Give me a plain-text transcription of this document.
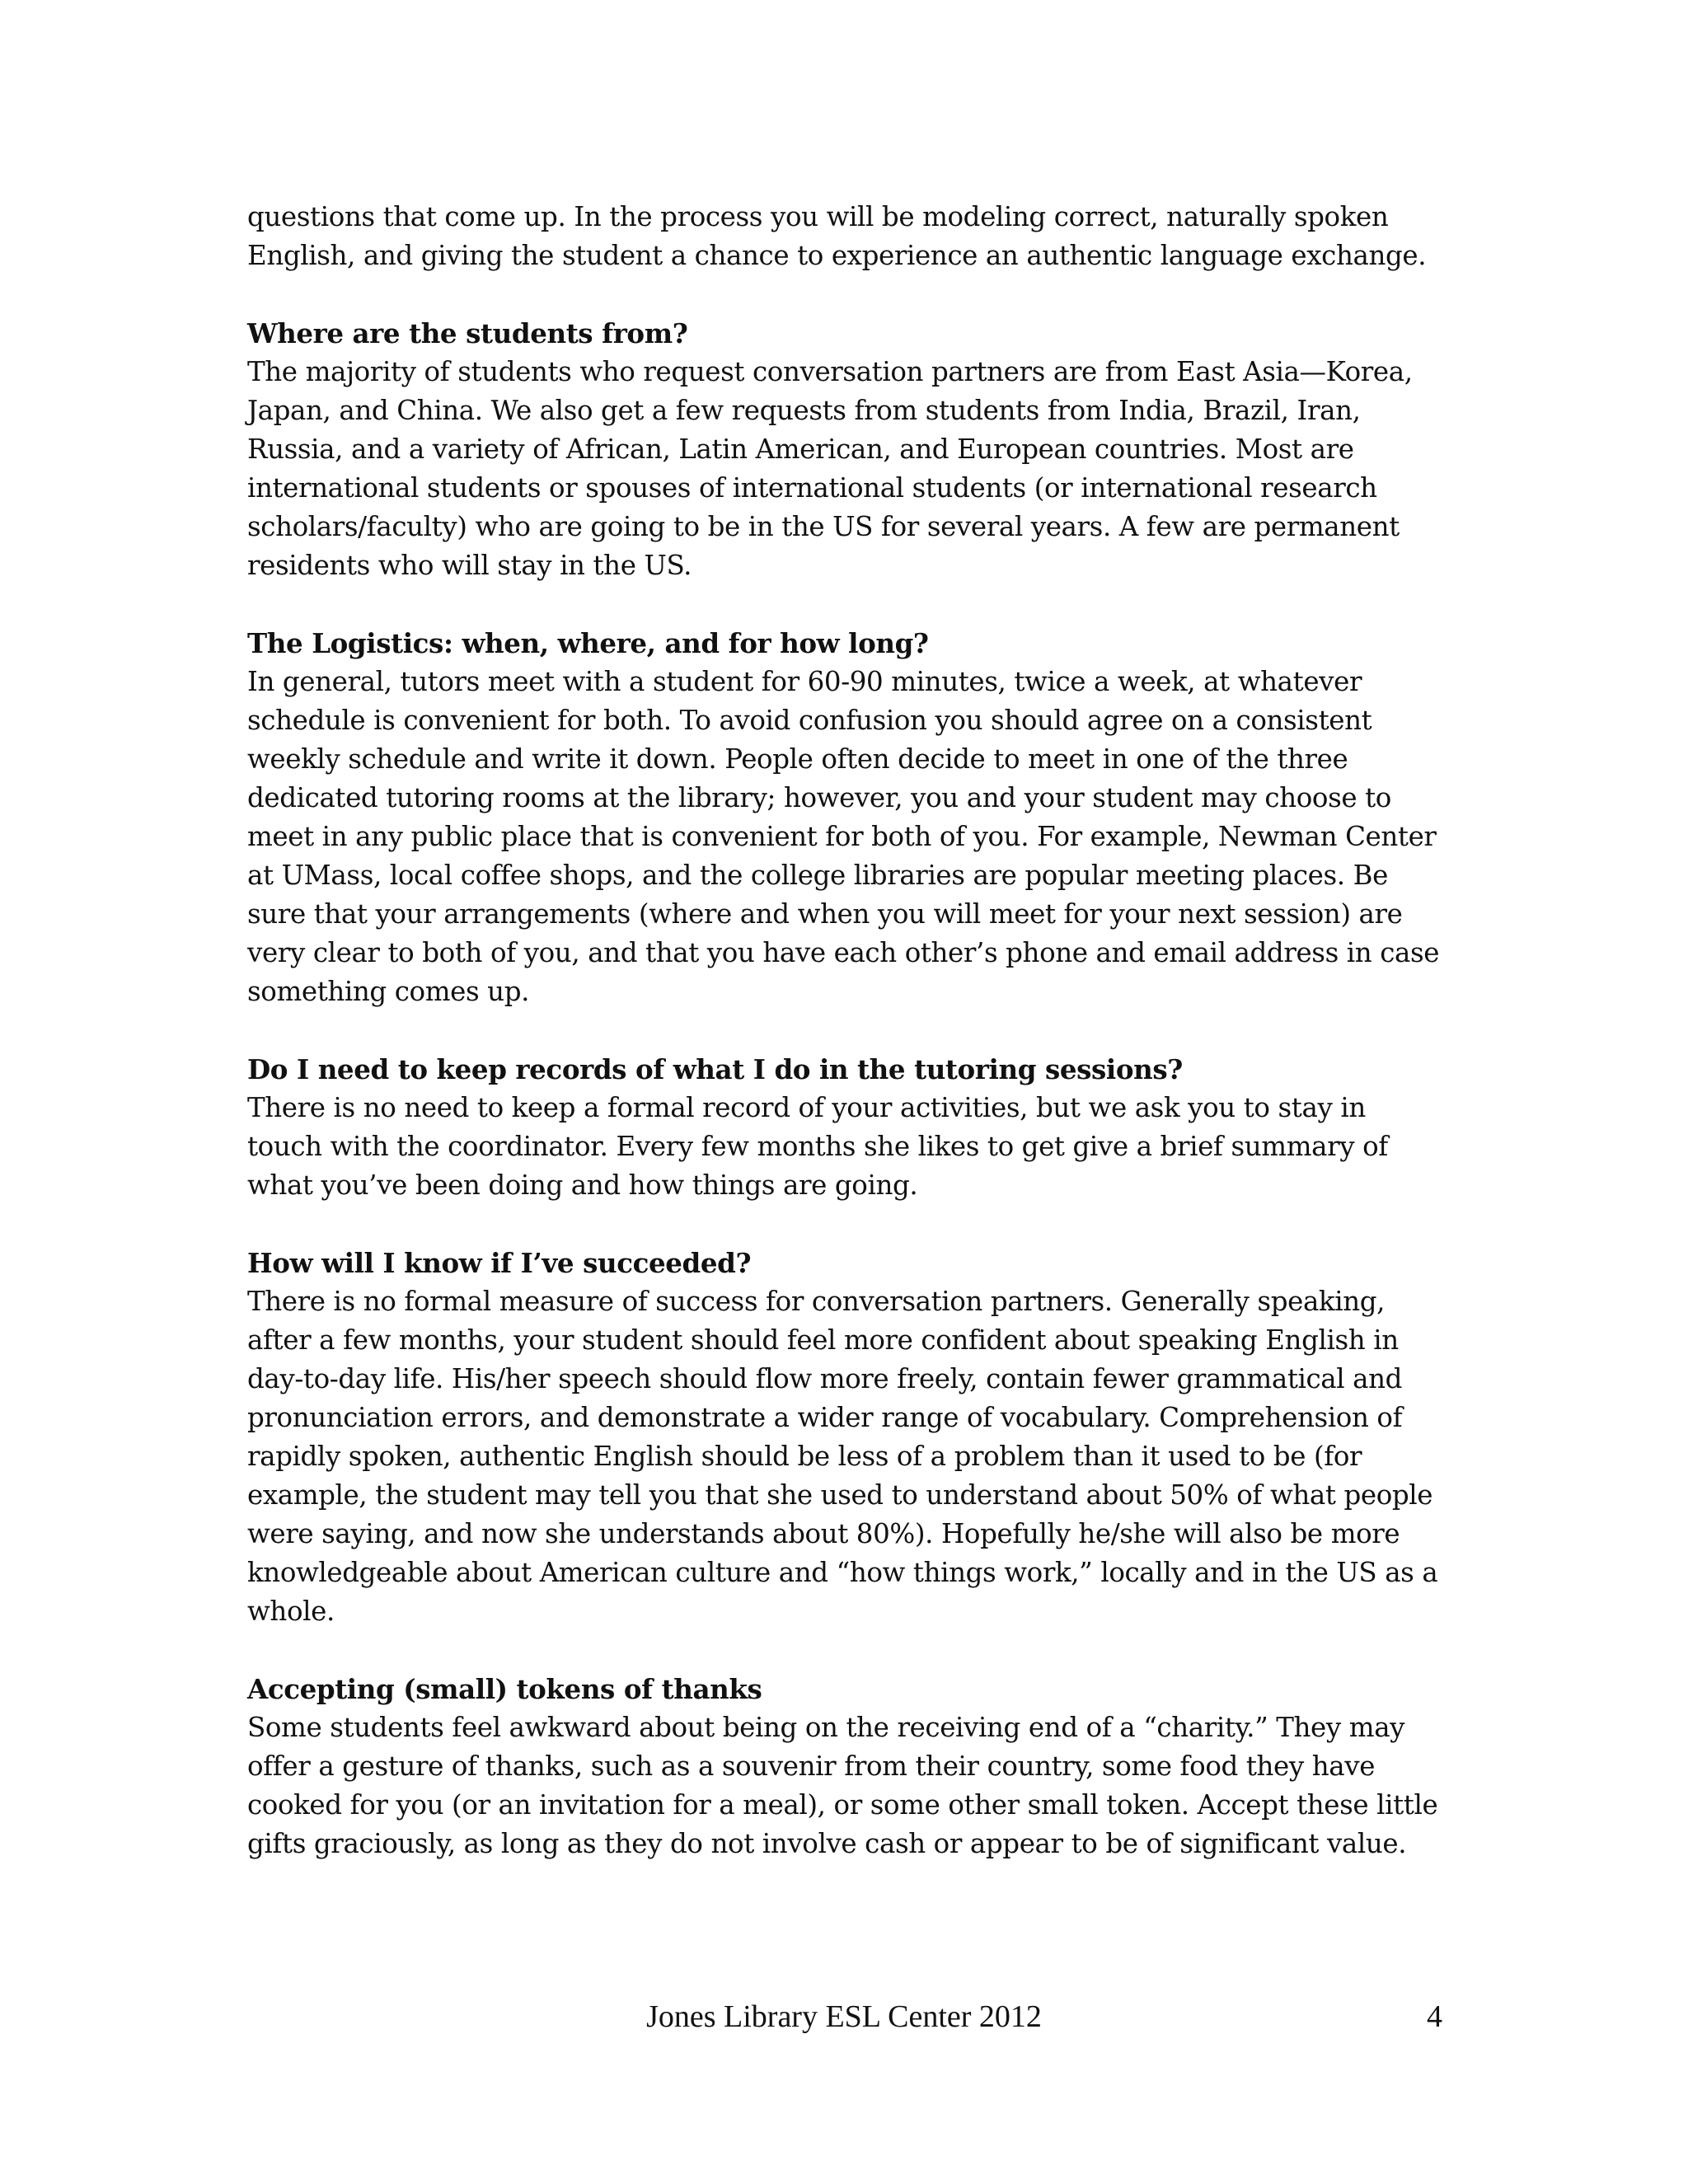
questions that come up. In the process you will be modeling correct, naturally spoken English, and giving the student a chance to experience an authentic language exchange.

Where are the students from?

The majority of students who request conversation partners are from East Asia—Korea, Japan, and China. We also get a few requests from students from India, Brazil, Iran, Russia, and a variety of African, Latin American, and European countries. Most are international students or spouses of international students (or international research scholars/faculty) who are going to be in the US for several years. A few are permanent residents who will stay in the US.

The Logistics: when, where, and for how long?

In general, tutors meet with a student for 60-90 minutes, twice a week, at whatever schedule is convenient for both. To avoid confusion you should agree on a consistent weekly schedule and write it down. People often decide to meet in one of the three dedicated tutoring rooms at the library; however, you and your student may choose to meet in any public place that is convenient for both of you. For example, Newman Center at UMass, local coffee shops, and the college libraries are popular meeting places. Be sure that your arrangements (where and when you will meet for your next session) are very clear to both of you, and that you have each other’s phone and email address in case something comes up.

Do I need to keep records of what I do in the tutoring sessions?

There is no need to keep a formal record of your activities, but we ask you to stay in touch with the coordinator. Every few months she likes to get give a brief summary of what you’ve been doing and how things are going.

How will I know if I’ve succeeded?

There is no formal measure of success for conversation partners. Generally speaking, after a few months, your student should feel more confident about speaking English in day-to-day life. His/her speech should flow more freely, contain fewer grammatical and pronunciation errors, and demonstrate a wider range of vocabulary. Comprehension of rapidly spoken, authentic English should be less of a problem than it used to be (for example, the student may tell you that she used to understand about 50% of what people were saying, and now she understands about 80%). Hopefully he/she will also be more knowledgeable about American culture and “how things work,” locally and in the US as a whole.

Accepting (small) tokens of thanks

Some students feel awkward about being on the receiving end of a “charity.” They may offer a gesture of thanks, such as a souvenir from their country, some food they have cooked for you (or an invitation for a meal), or some other small token. Accept these little gifts graciously, as long as they do not involve cash or appear to be of significant value.

Jones Library ESL Center 2012	4
